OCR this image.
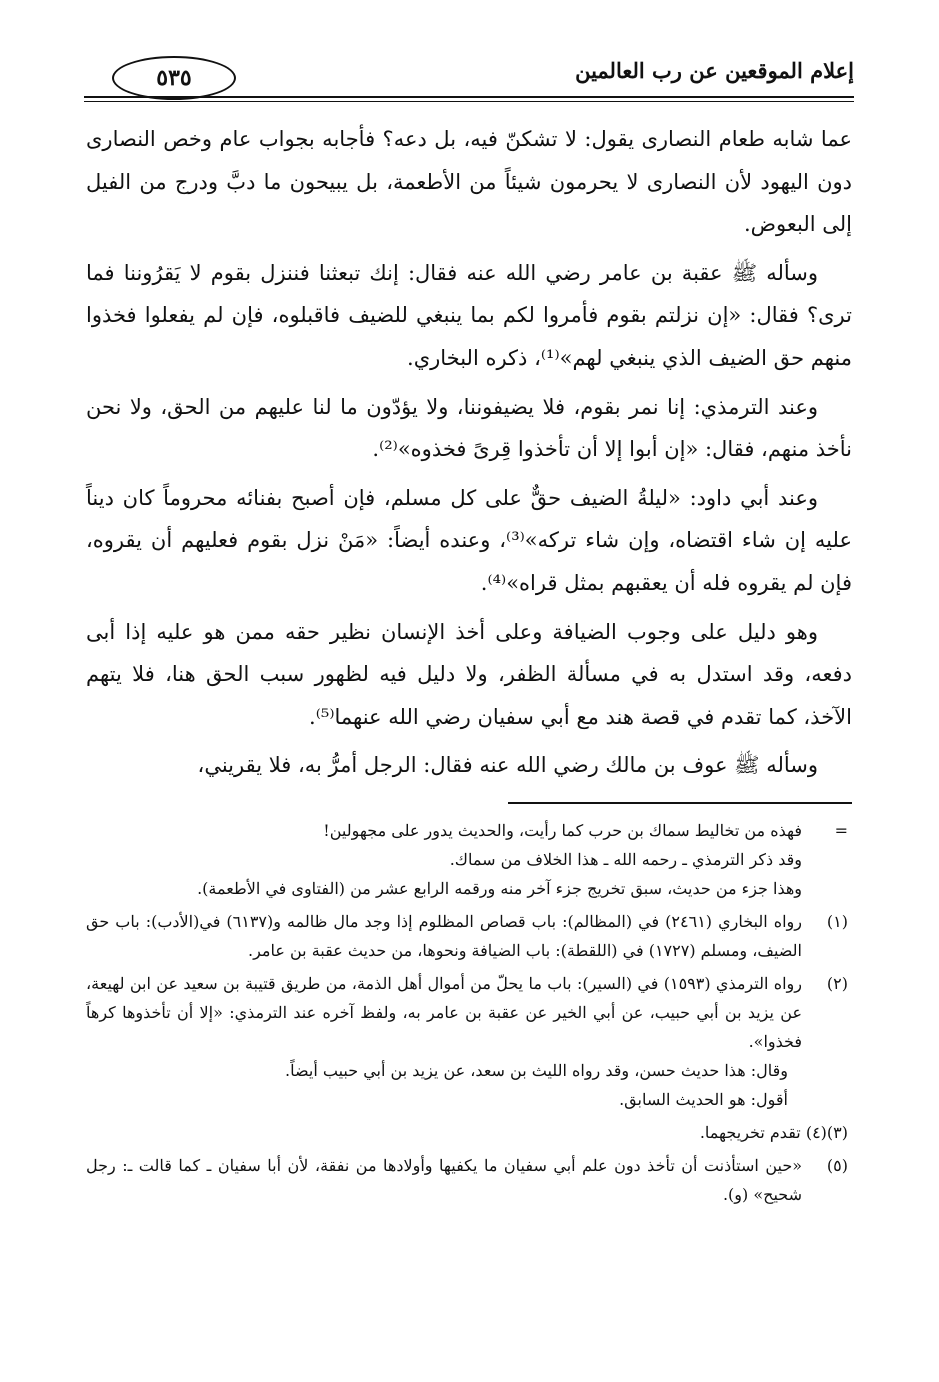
إعلام الموقعين عن رب العالمين
٥٣٥

عما شابه طعام النصارى يقول: لا تشكنّ فيه، بل دعه؟ فأجابه بجواب عام وخص النصارى دون اليهود لأن النصارى لا يحرمون شيئاً من الأطعمة، بل يبيحون ما دبَّ ودرج من الفيل إلى البعوض.

وسأله ﷺ عقبة بن عامر رضي الله عنه فقال: إنك تبعثنا فننزل بقوم لا يَقرُوننا فما ترى؟ فقال: «إن نزلتم بقوم فأمروا لكم بما ينبغي للضيف فاقبلوه، فإن لم يفعلوا فخذوا منهم حق الضيف الذي ينبغي لهم»⁽¹⁾، ذكره البخاري.

وعند الترمذي: إنا نمر بقوم، فلا يضيفوننا، ولا يؤدّون ما لنا عليهم من الحق، ولا نحن نأخذ منهم، فقال: «إن أبوا إلا أن تأخذوا قِرىً فخذوه»⁽²⁾.

وعند أبي داود: «ليلةُ الضيف حقٌّ على كل مسلم، فإن أصبح بفنائه محروماً كان ديناً عليه إن شاء اقتضاه، وإن شاء تركه»⁽³⁾، وعنده أيضاً: «مَنْ نزل بقوم فعليهم أن يقروه، فإن لم يقروه فله أن يعقبهم بمثل قراه»⁽⁴⁾.

وهو دليل على وجوب الضيافة وعلى أخذ الإنسان نظير حقه ممن هو عليه إذا أبى دفعه، وقد استدل به في مسألة الظفر، ولا دليل فيه لظهور سبب الحق هنا، فلا يتهم الآخذ، كما تقدم في قصة هند مع أبي سفيان رضي الله عنهما⁽⁵⁾.

وسأله ﷺ عوف بن مالك رضي الله عنه فقال: الرجل أمرُّ به، فلا يقريني،

=

فهذه من تخاليط سماك بن حرب كما رأيت، والحديث يدور على مجهولين!

وقد ذكر الترمذي ـ رحمه الله ـ هذا الخلاف من سماك.

وهذا جزء من حديث، سبق تخريج جزء آخر منه ورقمه الرابع عشر من (الفتاوى في الأطعمة).

(١)

رواه البخاري (٢٤٦١) في (المظالم): باب قصاص المظلوم إذا وجد مال ظالمه و(٦١٣٧) في(الأدب): باب حق الضيف، ومسلم (١٧٢٧) في (اللقطة): باب الضيافة ونحوها، من حديث عقبة بن عامر.

(٢)

رواه الترمذي (١٥٩٣) في (السير): باب ما يحلّ من أموال أهل الذمة، من طريق قتيبة بن سعيد عن ابن لهيعة، عن يزيد بن أبي حبيب، عن أبي الخير عن عقبة بن عامر به، ولفظ آخره عند الترمذي: «إلا أن تأخذوها كرهاً فخذوا».

وقال: هذا حديث حسن، وقد رواه الليث بن سعد، عن يزيد بن أبي حبيب أيضاً.

أقول: هو الحديث السابق.

(٣)(٤) تقدم تخريجهما.

(٥)

«حين استأذنت أن تأخذ دون علم أبي سفيان ما يكفيها وأولادها من نفقة، لأن أبا سفيان ـ كما قالت ـ: رجل شحيح» (و).
